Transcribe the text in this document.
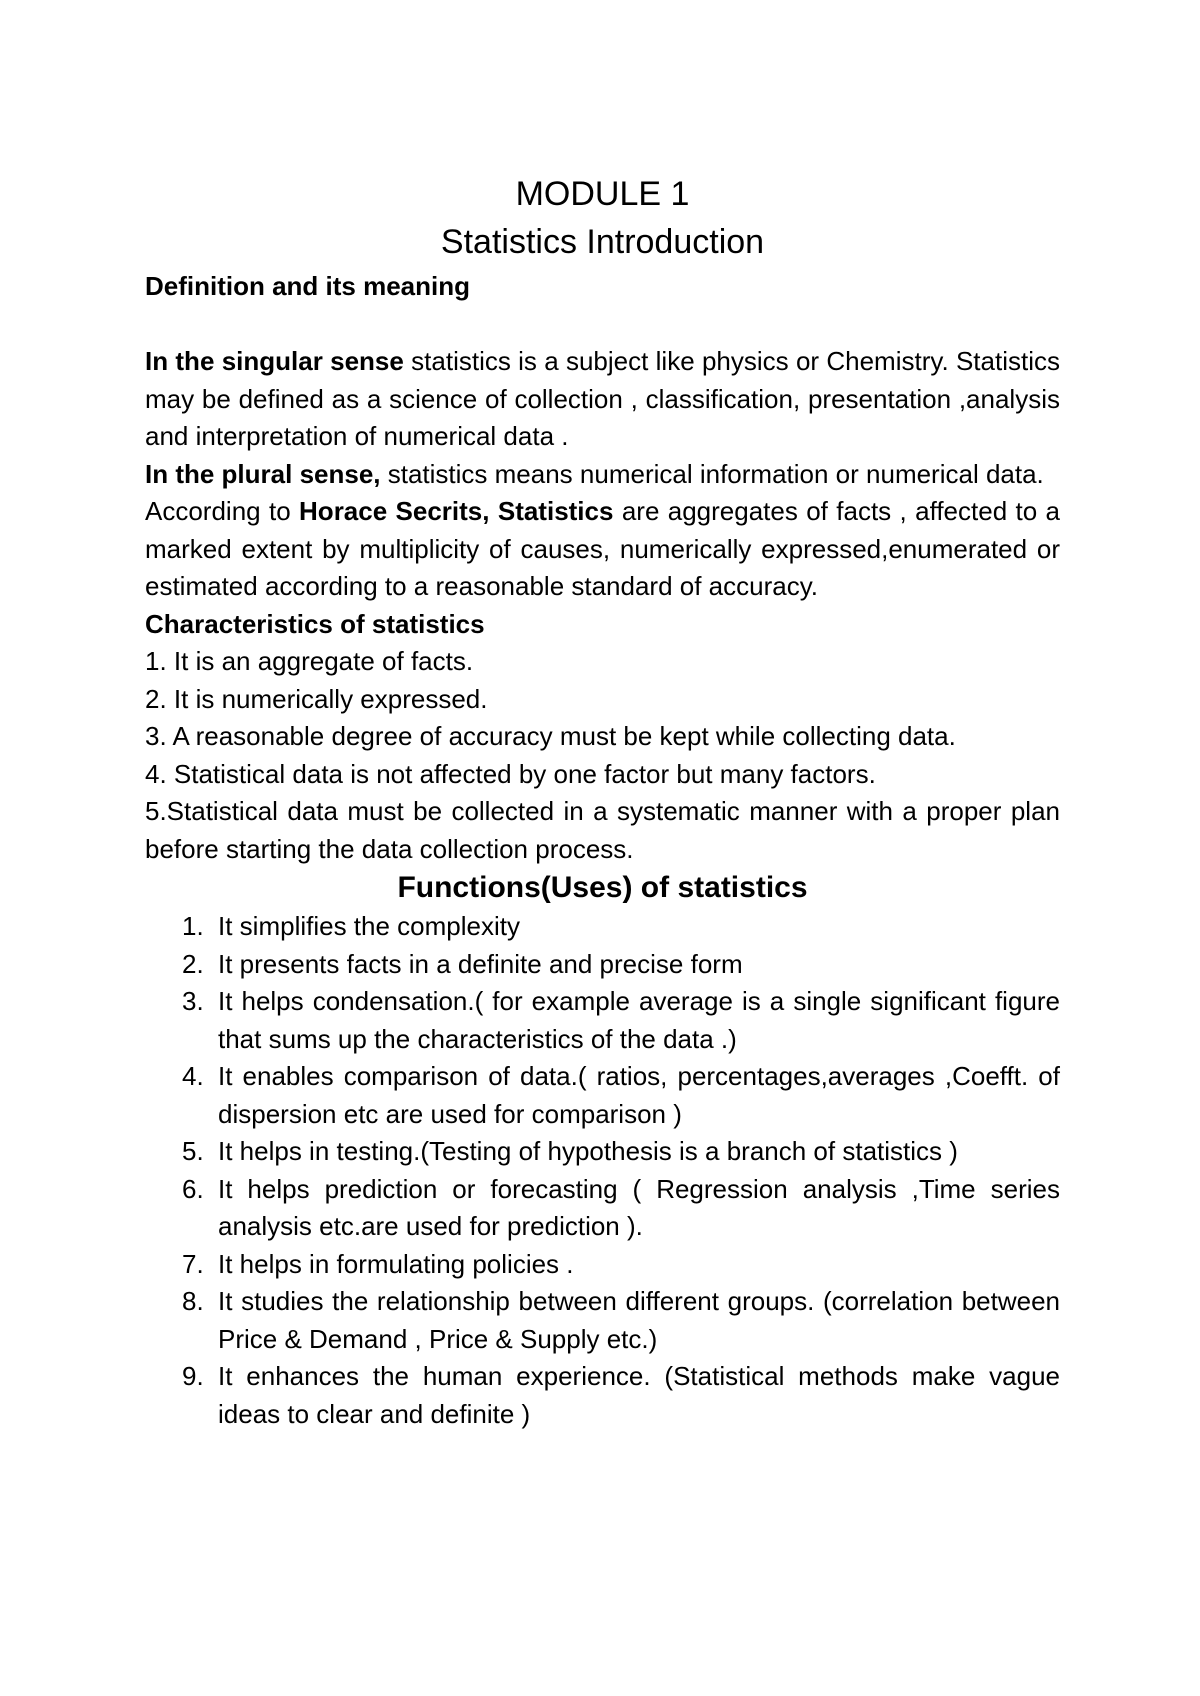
MODULE 1
Statistics Introduction
Definition and its meaning

In the singular sense statistics is a subject like physics or Chemistry. Statistics may be defined as a science of collection , classification, presentation ,analysis and interpretation of numerical data .

In the plural sense, statistics means numerical information or numerical data.

According to Horace Secrits, Statistics are aggregates of facts , affected to a marked extent by multiplicity of causes, numerically expressed,enumerated or estimated according to a reasonable standard of accuracy.

Characteristics of statistics

1. It is an aggregate of facts.

2. It is numerically expressed.

3. A reasonable degree of accuracy must be kept while collecting data.

4. Statistical data is not affected by one factor but many factors.

5.Statistical data must be collected in a systematic manner with a proper plan before starting the data collection process.

Functions(Uses) of statistics
1. It simplifies the complexity
2. It presents facts in a definite and precise form
3. It helps condensation.( for example average is a single significant figure that sums up the characteristics of the data .)
4. It enables comparison of data.( ratios, percentages,averages ,Coefft. of dispersion etc are used for comparison )
5. It helps in testing.(Testing of hypothesis is a branch of statistics )
6. It helps prediction or forecasting ( Regression analysis ,Time series analysis etc.are used for prediction ).
7. It helps in formulating policies .
8. It studies the relationship between different groups. (correlation between Price & Demand , Price & Supply etc.)
9. It enhances the human experience. (Statistical methods make vague ideas to clear and definite )
